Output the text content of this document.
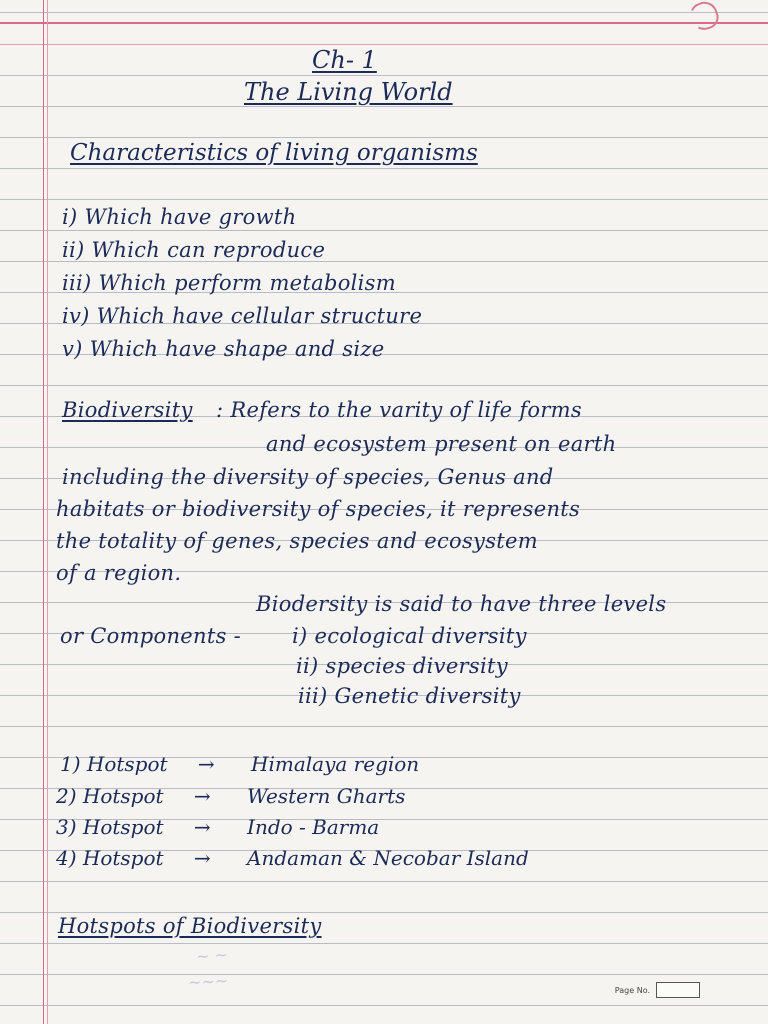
Ch- 1
The Living World
Characteristics of living organisms
i) Which have growth
ii) Which can reproduce
iii) Which perform metabolism
iv) Which have cellular structure
v) Which have shape and size
Biodiversity : Refers to the varity of life forms
and ecosystem present on earth
including the diversity of species, Genus and
habitats or biodiversity of species, it represents
the totality of genes, species and ecosystem
of a region.
Biodersity is said to have three levels
or Components - i) ecological diversity
ii) species diversity
iii) Genetic diversity
1) Hotspot → Himalaya region
2) Hotspot → Western Gharts
3) Hotspot → Indo - Barma
4) Hotspot → Andaman & Necobar Island
Hotspots of Biodiversity
~ ~
~~~	Page No.
